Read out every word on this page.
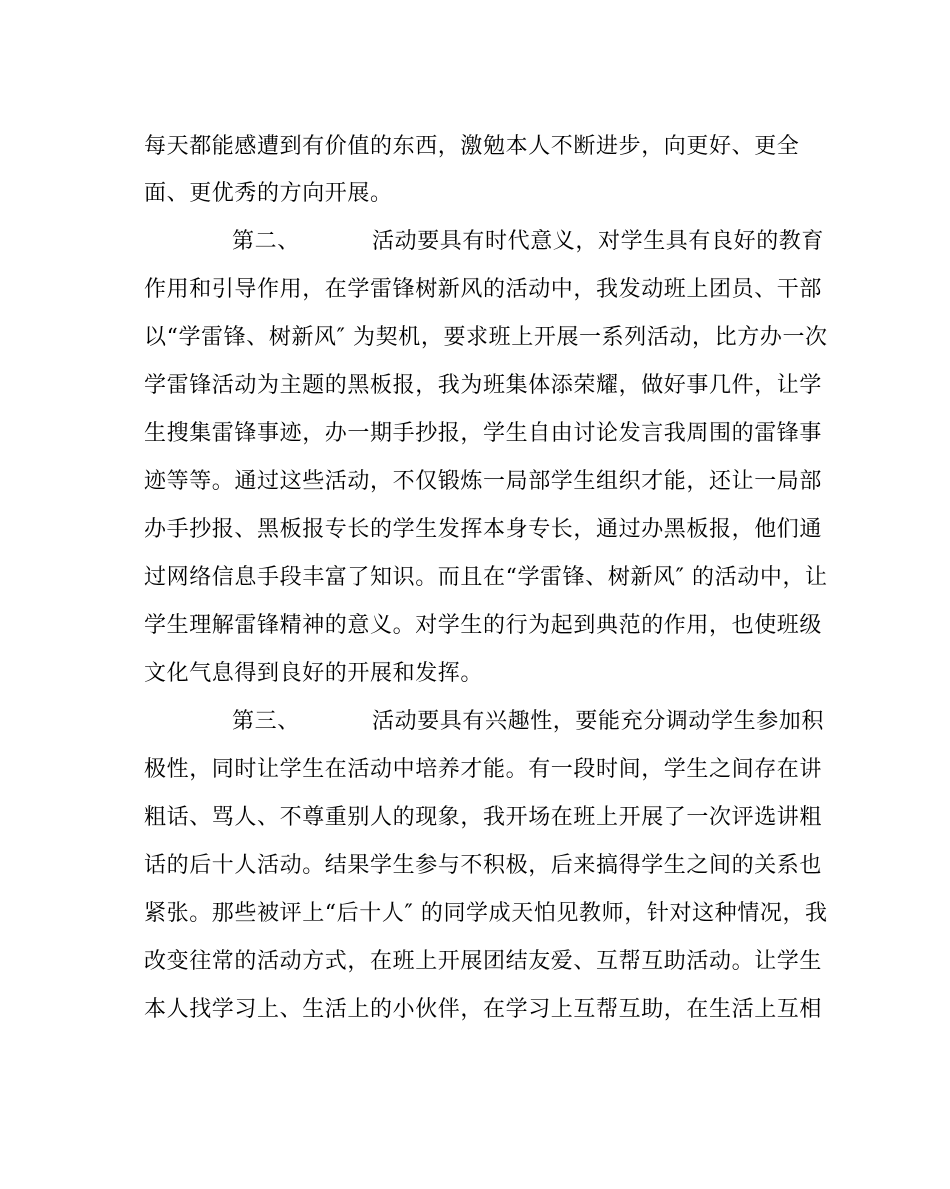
每天都能感遭到有价值的东西，激勉本人不断进步，向更好、更全
面、更优秀的方向开展。
第二、	活动要具有时代意义，对学生具有良好的教育
作用和引导作用，在学雷锋树新风的活动中，我发动班上团员、干部
以“学雷锋、树新风″ 为契机，要求班上开展一系列活动，比方办一次
学雷锋活动为主题的黑板报，我为班集体添荣耀，做好事几件，让学
生搜集雷锋事迹，办一期手抄报，学生自由讨论发言我周围的雷锋事
迹等等。通过这些活动，不仅锻炼一局部学生组织才能，还让一局部
办手抄报、黑板报专长的学生发挥本身专长，通过办黑板报，他们通
过网络信息手段丰富了知识。而且在“学雷锋、树新风″ 的活动中，让
学生理解雷锋精神的意义。对学生的行为起到典范的作用，也使班级
文化气息得到良好的开展和发挥。
第三、	活动要具有兴趣性，要能充分调动学生参加积
极性，同时让学生在活动中培养才能。有一段时间，学生之间存在讲
粗话、骂人、不尊重别人的现象，我开场在班上开展了一次评选讲粗
话的后十人活动。结果学生参与不积极，后来搞得学生之间的关系也
紧张。那些被评上“后十人″ 的同学成天怕见教师，针对这种情况，我
改变往常的活动方式，在班上开展团结友爱、互帮互助活动。让学生
本人找学习上、生活上的小伙伴，在学习上互帮互助，在生活上互相
